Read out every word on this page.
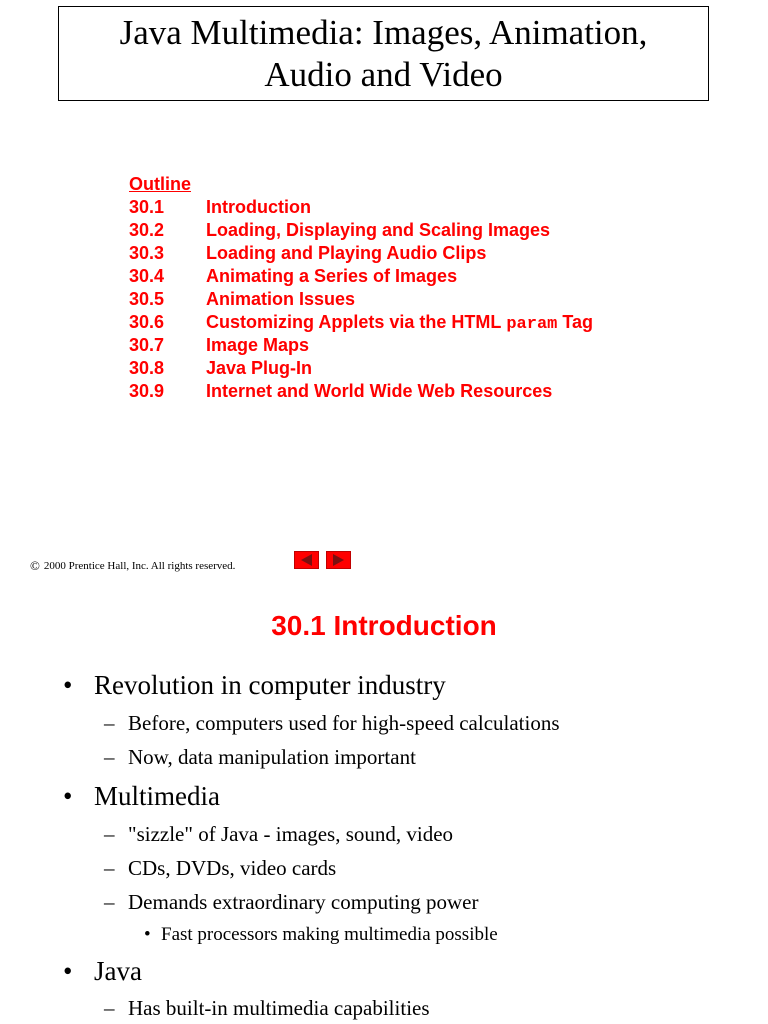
Java Multimedia: Images, Animation,
Audio and Video
Outline
30.1	Introduction
30.2	Loading, Displaying and Scaling Images
30.3	Loading and Playing Audio Clips
30.4	Animating a Series of Images
30.5	Animation Issues
30.6	Customizing Applets via the HTML param Tag
30.7	Image Maps
30.8	Java Plug-In
30.9	Internet and World Wide Web Resources
© 2000 Prentice Hall, Inc. All rights reserved.
30.1 Introduction
• Revolution in computer industry
– Before, computers used for high-speed calculations
– Now, data manipulation important
• Multimedia
– "sizzle" of Java - images, sound, video
– CDs, DVDs, video cards
– Demands extraordinary computing power
• Fast processors making multimedia possible
• Java
– Has built-in multimedia capabilities
